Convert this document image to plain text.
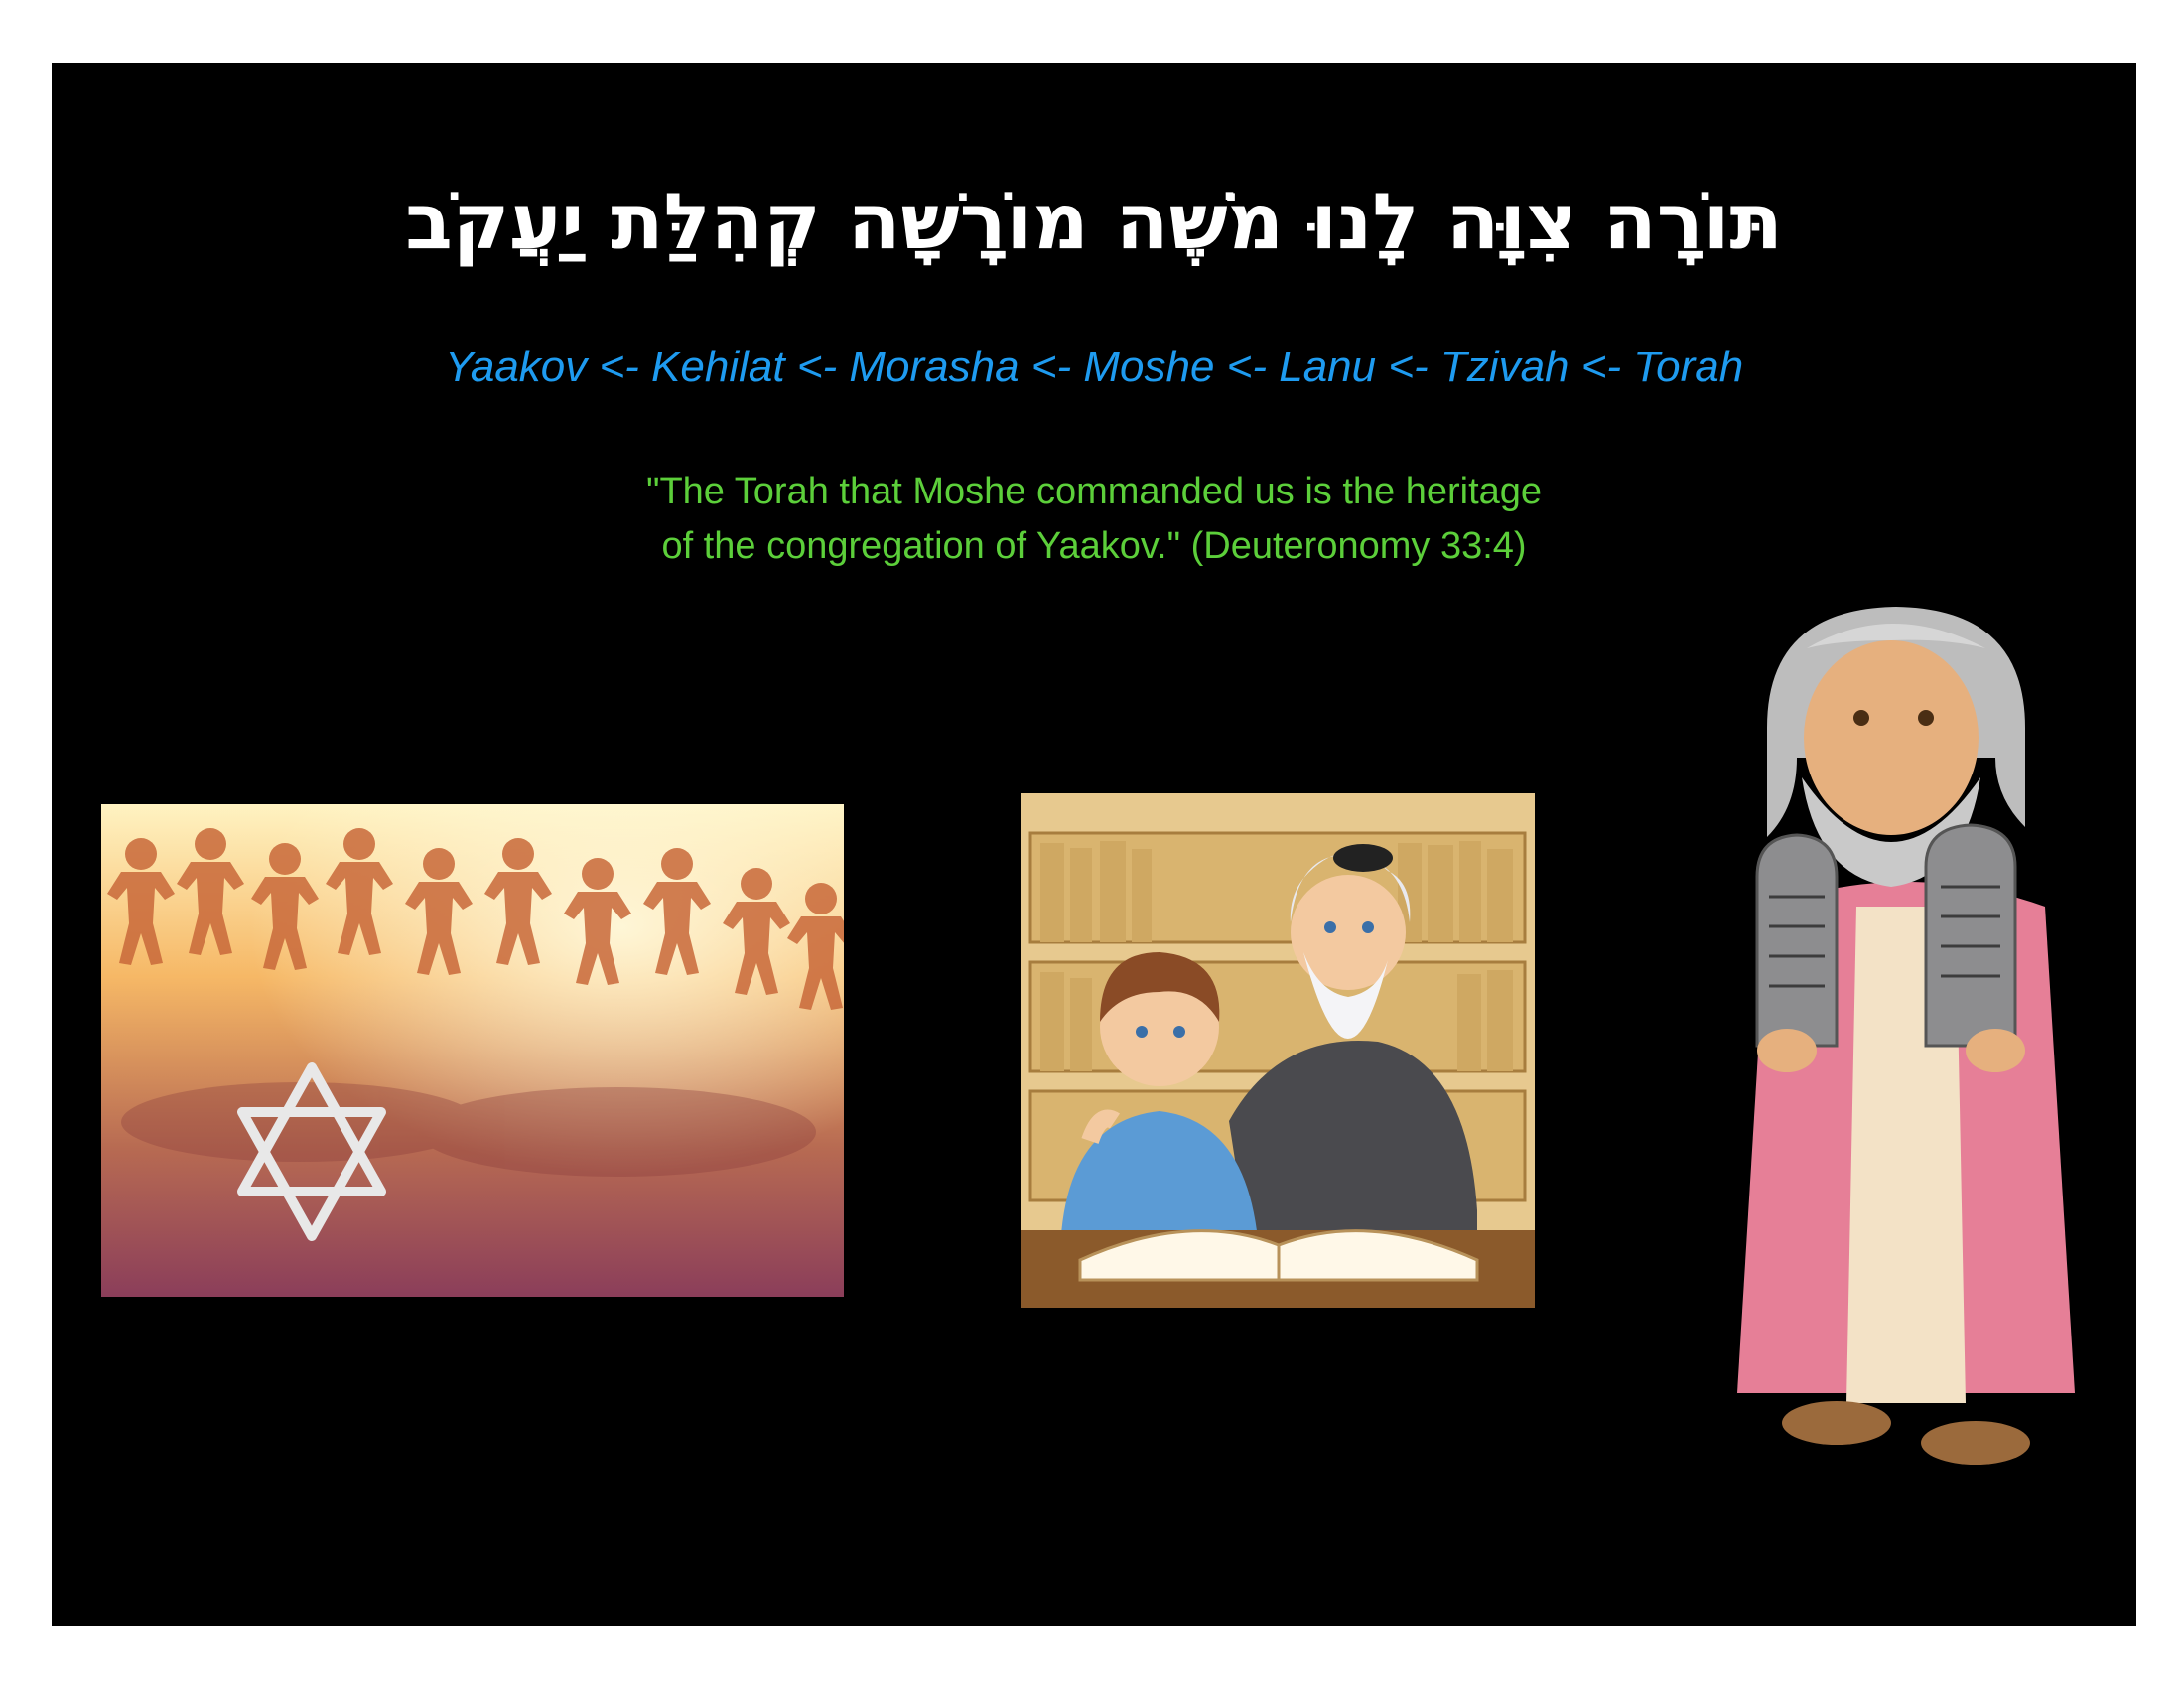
תּוֹרָה צִוָּה לָנוּ מֹשֶׁה מוֹרָשָׁה קְהִלַּת יַעֲקֹב
Yaakov <- Kehilat <- Morasha <- Moshe <- Lanu <- Tzivah <- Torah
"The Torah that Moshe commanded us is the heritage
of the congregation of Yaakov." (Deuteronomy 33:4)
